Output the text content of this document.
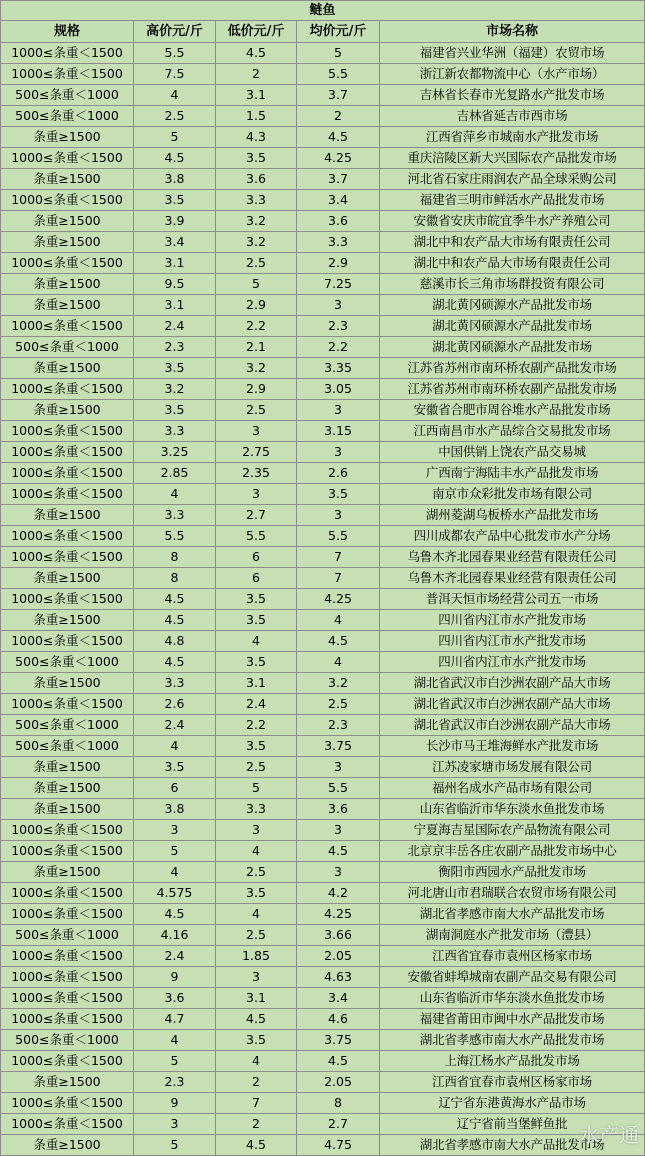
鲢鱼				
规格	高价元/斤	低价元/斤	均价元/斤	市场名称
1000≤条重＜1500	5.5	4.5	5	福建省兴业华洲（福建）农贸市场
1000≤条重＜1500	7.5	2	5.5	浙江新农都物流中心（水产市场）
500≤条重＜1000	4	3.1	3.7	吉林省长春市光复路水产批发市场
500≤条重＜1000	2.5	1.5	2	吉林省延吉市西市场
条重≥1500	5	4.3	4.5	江西省萍乡市城南水产批发市场
1000≤条重＜1500	4.5	3.5	4.25	重庆涪陵区新大兴国际农产品批发市场
条重≥1500	3.8	3.6	3.7	河北省石家庄雨润农产品全球采购公司
1000≤条重＜1500	3.5	3.3	3.4	福建省三明市鲜活水产品批发市场
条重≥1500	3.9	3.2	3.6	安徽省安庆市皖宜季牛水产养殖公司
条重≥1500	3.4	3.2	3.3	湖北中和农产品大市场有限责任公司
1000≤条重＜1500	3.1	2.5	2.9	湖北中和农产品大市场有限责任公司
条重≥1500	9.5	5	7.25	慈溪市长三角市场群投资有限公司
条重≥1500	3.1	2.9	3	湖北黄冈硕源水产品批发市场
1000≤条重＜1500	2.4	2.2	2.3	湖北黄冈硕源水产品批发市场
500≤条重＜1000	2.3	2.1	2.2	湖北黄冈硕源水产品批发市场
条重≥1500	3.5	3.2	3.35	江苏省苏州市南环桥农副产品批发市场
1000≤条重＜1500	3.2	2.9	3.05	江苏省苏州市南环桥农副产品批发市场
条重≥1500	3.5	2.5	3	安徽省合肥市周谷堆水产品批发市场
1000≤条重＜1500	3.3	3	3.15	江西南昌市水产品综合交易批发市场
1000≤条重＜1500	3.25	2.75	3	中国供销上饶农产品交易城
1000≤条重＜1500	2.85	2.35	2.6	广西南宁海陆丰水产品批发市场
1000≤条重＜1500	4	3	3.5	南京市众彩批发市场有限公司
条重≥1500	3.3	2.7	3	湖州菱湖乌板桥水产品批发市场
1000≤条重＜1500	5.5	5.5	5.5	四川成都农产品中心批发市水产分场
1000≤条重＜1500	8	6	7	乌鲁木齐北园春果业经营有限责任公司
条重≥1500	8	6	7	乌鲁木齐北园春果业经营有限责任公司
1000≤条重＜1500	4.5	3.5	4.25	普洱天恒市场经营公司五一市场
条重≥1500	4.5	3.5	4	四川省内江市水产批发市场
1000≤条重＜1500	4.8	4	4.5	四川省内江市水产批发市场
500≤条重＜1000	4.5	3.5	4	四川省内江市水产批发市场
条重≥1500	3.3	3.1	3.2	湖北省武汉市白沙洲农副产品大市场
1000≤条重＜1500	2.6	2.4	2.5	湖北省武汉市白沙洲农副产品大市场
500≤条重＜1000	2.4	2.2	2.3	湖北省武汉市白沙洲农副产品大市场
500≤条重＜1000	4	3.5	3.75	长沙市马王堆海鲜水产批发市场
条重≥1500	3.5	2.5	3	江苏凌家塘市场发展有限公司
条重≥1500	6	5	5.5	福州名成水产品市场有限公司
条重≥1500	3.8	3.3	3.6	山东省临沂市华东淡水鱼批发市场
1000≤条重＜1500	3	3	3	宁夏海吉星国际农产品物流有限公司
1000≤条重＜1500	5	4	4.5	北京京丰岳各庄农副产品批发市场中心
条重≥1500	4	2.5	3	衡阳市西园水产品批发市场
1000≤条重＜1500	4.575	3.5	4.2	河北唐山市君瑞联合农贸市场有限公司
1000≤条重＜1500	4.5	4	4.25	湖北省孝感市南大水产品批发市场
500≤条重＜1000	4.16	2.5	3.66	湖南洞庭水产批发市场（澧县）
1000≤条重＜1500	2.4	1.85	2.05	江西省宜春市袁州区杨家市场
1000≤条重＜1500	9	3	4.63	安徽省蚌埠城南农副产品交易有限公司
1000≤条重＜1500	3.6	3.1	3.4	山东省临沂市华东淡水鱼批发市场
1000≤条重＜1500	4.7	4.5	4.6	福建省莆田市闽中水产品批发市场
500≤条重＜1000	4	3.5	3.75	湖北省孝感市南大水产品批发市场
1000≤条重＜1500	5	4	4.5	上海江杨水产品批发市场
条重≥1500	2.3	2	2.05	江西省宜春市袁州区杨家市场
1000≤条重＜1500	9	7	8	辽宁省东港黄海水产品市场
1000≤条重＜1500	3	2	2.7	辽宁省前当堡鲜鱼批
条重≥1500	5	4.5	4.75	湖北省孝感市南大水产品批发市场
水产通
